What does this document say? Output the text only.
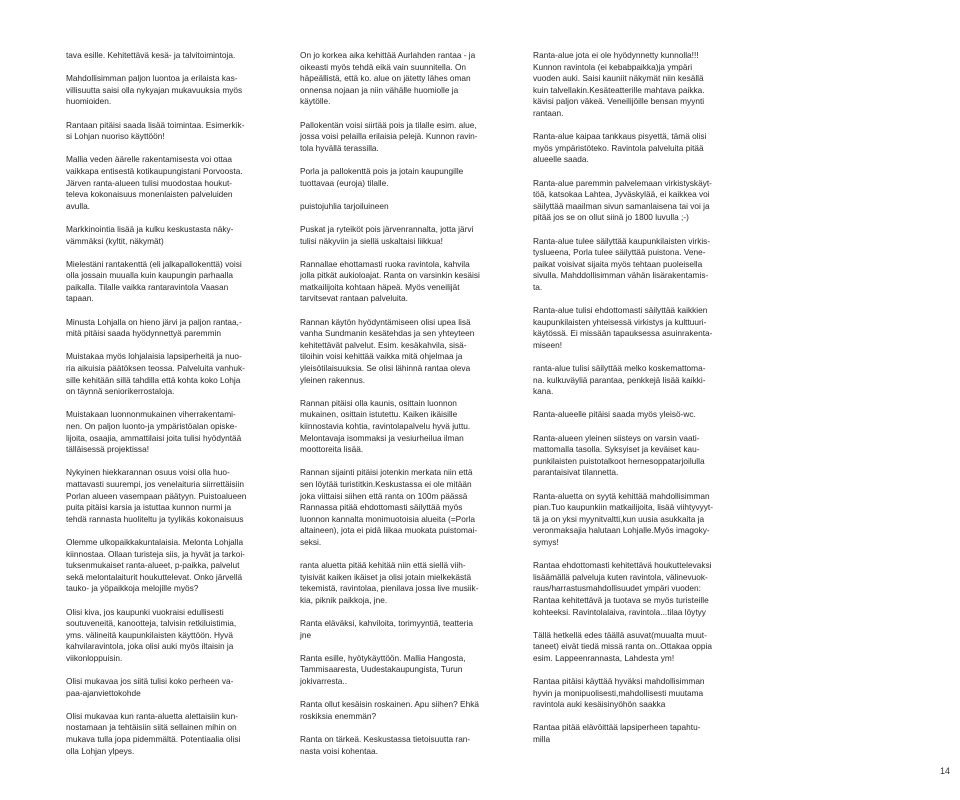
tava esille. Kehitettävä kesä- ja talvitoimintoja.

Mahdollisimman paljon luontoa ja erilaista kas-
villisuutta saisi olla nykyajan mukavuuksia myös
huomioiden.

Rantaan pitäisi saada lisää toimintaa. Esimerkik-
si Lohjan nuoriso käyttöön!

Mallia veden äärelle rakentamisesta voi ottaa
vaikkapa entisestä kotikaupungistani Porvoosta.
Järven ranta-alueen tulisi muodostaa houkut-
televa kokonaisuus monenlaisten palveluiden
avulla.

Markkinointia lisää ja kulku keskustasta näky-
vämmäksi (kyltit, näkymät)

Mielestäni rantakenttä (eli jalkapallokenttä) voisi
olla jossain muualla kuin kaupungin parhaalla
paikalla. Tilalle vaikka rantaravintola Vaasan
tapaan.

Minusta Lohjalla on hieno järvi ja paljon rantaa,-
mitä pitäisi saada hyödynnettyä paremmin

Muistakaa myös lohjalaisia lapsiperheitä ja nuo-
ria aikuisia päätöksen teossa. Palveluita vanhuk-
sille kehitään sillä tahdilla että kohta koko Lohja
on täynnä seniorikerrostaloja.

Muistakaan luonnonmukainen viherrakentami-
nen. On paljon luonto-ja ympäristöalan opiske-
lijoita, osaajia, ammattilaisi joita tulisi hyödyntää
tälläisessä projektissa!

Nykyinen hiekkarannan osuus voisi olla huo-
mattavasti suurempi, jos venelaituria siirrettäisiin
Porlan alueen vasempaan päätyyn. Puistoalueen
puita pitäisi karsia ja istuttaa kunnon nurmi ja
tehdä rannasta huoliteltu ja tyylikäs kokonaisuus

Olemme ulkopaikkakuntalaisia. Melonta Lohjalla
kiinnostaa. Ollaan turisteja siis, ja hyvät ja tarkoi-
tuksenmukaiset ranta-alueet, p-paikka, palvelut
sekä melontalaiturit houkuttelevat. Onko järvellä
tauko- ja yöpaikkoja melojille myös?

Olisi kiva, jos kaupunki vuokraisi edullisesti
soutuveneitä, kanootteja, talvisin retkiluistimia,
yms. välineitä kaupunkilaisten käyttöön. Hyvä
kahvilaravintola, joka olisi auki myös iltaisin ja
viikonloppuisin.

Olisi mukavaa jos siitä tulisi koko perheen va-
paa-ajanviettokohde

Olisi mukavaa kun ranta-aluetta alettaisiin kun-
nostamaan ja tehtäisiin siitä sellainen mihin on
mukava tulla jopa pidemmältä. Potentiaalia olisi
olla Lohjan ylpeys.

On jo korkea aika kehittää Aurlahden rantaa - ja
oikeasti myös tehdä eikä vain suunnitella. On
häpeällistä, että ko. alue on jätetty lähes oman
onnensa nojaan ja niin vähälle huomiolle ja
käytölle.

Pallokentän voisi siirtää pois ja tilalle esim. alue,
jossa voisi pelailla erilaisia pelejä. Kunnon ravin-
tola hyvällä terassilla.

Porla ja pallokenttä pois ja jotain kaupungille
tuottavaa (euroja) tilalle.

puistojuhlia tarjoiluineen

Puskat ja ryteiköt pois järvenrannalta, jotta järvi
tulisi näkyviin ja siellä uskaltaisi liikkua!

Rannallae ehottamasti ruoka ravintola, kahvila
jolla pitkät aukioloajat. Ranta on varsinkin kesäisi
matkailijoita kohtaan häpeä. Myös veneilijät
tarvitsevat rantaan palveluita.

Rannan käytön hyödyntämiseen olisi upea lisä
vanha Sundmanin kesätehdas ja sen yhteyteen
kehitettävät palvelut. Esim. kesäkahvila, sisä-
tiloihin voisi kehittää vaikka mitä ohjelmaa ja
yleisötilaisuuksia. Se olisi lähinnä rantaa oleva
yleinen rakennus.

Rannan pitäisi olla kaunis, osittain luonnon
mukainen, osittain istutettu. Kaiken ikäisille
kiinnostavia kohtia, ravintolapalvelu hyvä juttu.
Melontavaja isommaksi ja vesiurheilua ilman
moottoreita lisää.

Rannan sijainti pitäisi jotenkin merkata niin että
sen löytää turistitkin.Keskustassa ei ole mitään
joka viittaisi siihen että ranta on 100m päässä
Rannassa pitää ehdottomasti säilyttää myös
luonnon kannalta monimuotoisia alueita (=Porla
altaineen), jota ei pidä liikaa muokata puistomai-
seksi.

ranta aluetta pitää kehitää niin että siellä viih-
tyisivät kaiken ikäiset ja olisi jotain mielkekästä
tekemistä, ravintolaa, pienilava jossa live musiik-
kia, piknik paikkoja, jne.

Ranta eläväksi, kahviloita, torimyyntiä, teatteria
jne

Ranta esille, hyötykäyttöön. Mallia Hangosta,
Tammisaaresta, Uudestakaupungista, Turun
jokivarresta..

Ranta ollut kesäisin roskainen. Apu siihen? Ehkä
roskiksia enemmän?

Ranta on tärkeä. Keskustassa tietoisuutta ran-
nasta voisi kohentaa.

Ranta-alue jota ei ole hyödynnetty kunnolla!!!
Kunnon ravintola (ei kebabpaikka)ja ympäri
vuoden auki. Saisi kauniit näkymät niin kesällä
kuin talvellakin.Kesäteatterille mahtava paikka.
kävisi paljon väkeä. Veneilijöille bensan myynti
rantaan.

Ranta-alue kaipaa tankkaus pisyettä, tämä olisi
myös ympäristöteko. Ravintola palveluita pitää
alueelle saada.

Ranta-alue paremmin palvelemaan virkistyskäyt-
töä, katsokaa Lahtea, Jyväskylää, ei kaikkea voi
säilyttää maailman sivun samanlaisena tai voi ja
pitää jos se on ollut siinä jo 1800 luvulla ;-)

Ranta-alue tulee säilyttää kaupunkilaisten virkis-
tyslueena, Porla tulee säilyttää puistona. Vene-
paikat voisivat sijaita myös tehtaan puoleisella
sivulla. Mahddollisimman vähän lisärakentamis-
ta.

Ranta-alue tulisi ehdottomasti säilyttää kaikkien
kaupunkilaisten yhteisessä virkistys ja kulttuuri-
käytössä. Ei missään tapauksessa asuinrakenta-
miseen!

ranta-alue tulisi säilyttää melko koskemattoma-
na. kulkuväyliä parantaa, penkkejä lisää kaikki-
kana.

Ranta-alueelle pitäisi saada myös yleisö-wc.

Ranta-alueen yleinen siisteys on varsin vaati-
mattomalla tasolla. Syksyiset ja keväiset kau-
punkilaisten puistotalkoot hernesoppatarjoilulla
parantaisivat tilannetta.

Ranta-aluetta on syytä kehittää mahdollisimman
pian.Tuo kaupunkiin matkailijoita, lisää viihtyvyyt-
tä ja on yksi myynitvaltti,kun uusia asukkaita ja
veronmaksajia halutaan Lohjalle.Myös imagoky-
symys!

Rantaa ehdottomasti kehitettävä houkuttelevaksi
lisäämällä palveluja kuten ravintola, välinevuok-
raus/harrastusmahdollisuudet ympäri vuoden:
Rantaa kehitettävä ja tuotava se myös turisteille
kohteeksi. Ravintolalaiva, ravintola...tilaa löytyy

Tällä hetkellä edes täällä asuvat(muualta muut-
taneet) eivät tiedä missä ranta on..Ottakaa oppia
esim. Lappeenrannasta, Lahdesta ym!

Rantaa pitäisi käyttää hyväksi mahdollisimman
hyvin ja monipuolisesti,mahdollisesti muutama
ravintola auki kesäisinyöhön saakka

Rantaa pitää elävöittää lapsiperheen tapahtu-
milla

14
